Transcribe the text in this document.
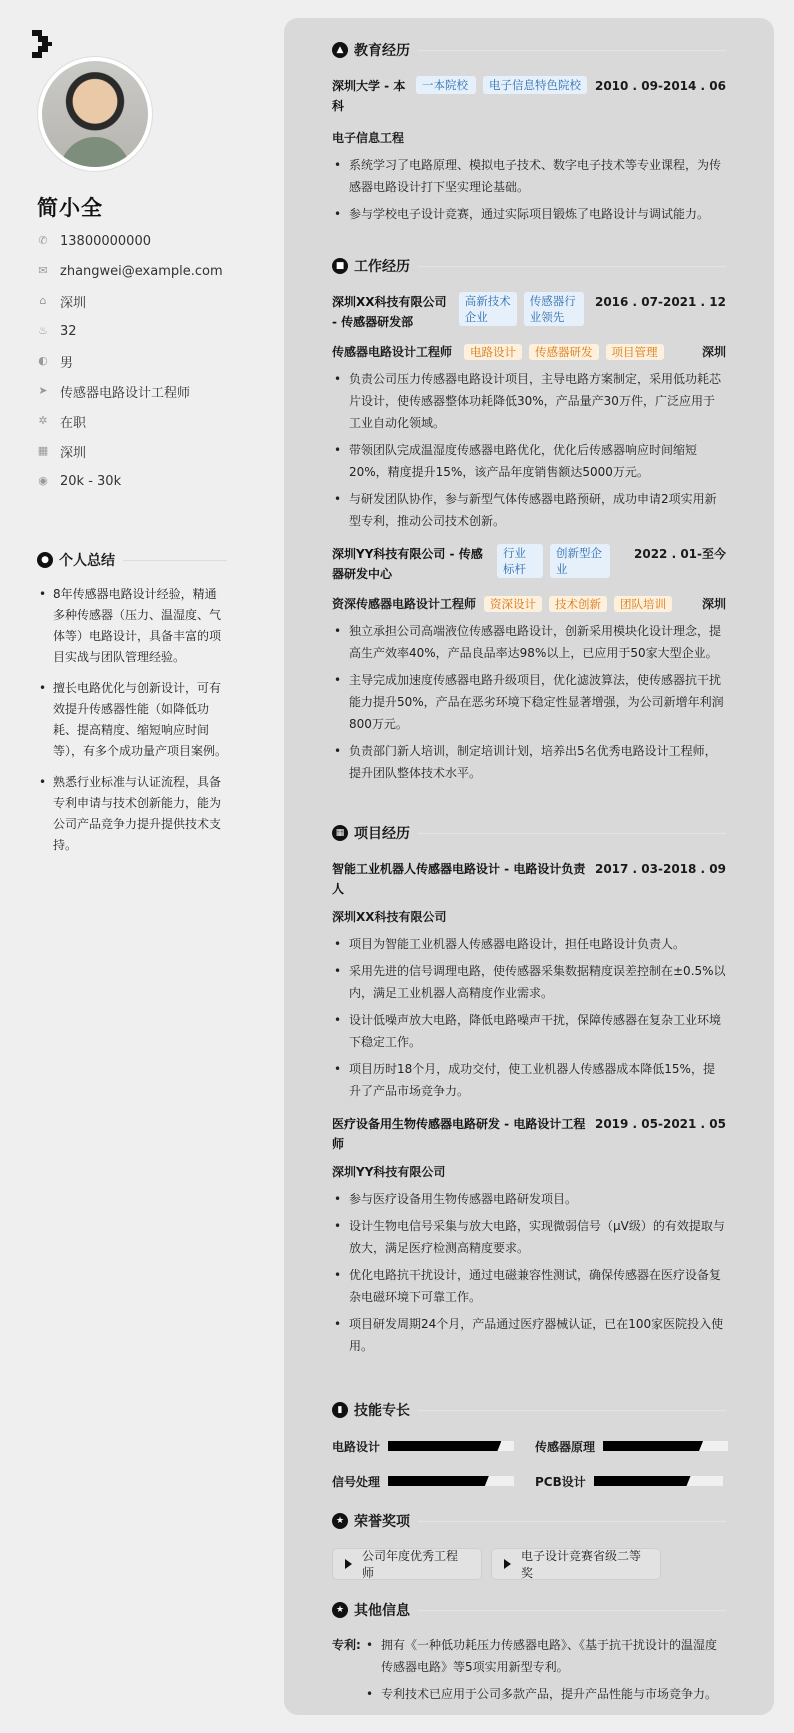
简小全
✆ 13800000000
✉ zhangwei@example.com
⌂ 深圳
♨ 32
◐ 男
➤ 传感器电路设计工程师
✲ 在职
▦ 深圳
◉ 20k - 30k
● 个人总结
• 8年传感器电路设计经验，精通多种传感器（压力、温湿度、气体等）电路设计，具备丰富的项目实战与团队管理经验。
• 擅长电路优化与创新设计，可有效提升传感器性能（如降低功耗、提高精度、缩短响应时间等），有多个成功量产项目案例。
• 熟悉行业标准与认证流程，具备专利申请与技术创新能力，能为公司产品竞争力提升提供技术支持。
▲ 教育经历
深圳大学 - 本科
一本院校	电子信息特色院校	2010 . 09-2014 . 06
电子信息工程
• 系统学习了电路原理、模拟电子技术、数字电子技术等专业课程，为传感器电路设计打下坚实理论基础。
• 参与学校电子设计竞赛，通过实际项目锻炼了电路设计与调试能力。
■ 工作经历
深圳XX科技有限公司 - 传感器研发部
高新技术企业
传感器行业领先
2016 . 07-2021 . 12
传感器电路设计工程师	电路设计	传感器研发	项目管理	深圳
• 负责公司压力传感器电路设计项目，主导电路方案制定，采用低功耗芯片设计，使传感器整体功耗降低30%，产品量产30万件，广泛应用于工业自动化领域。
• 带领团队完成温湿度传感器电路优化，优化后传感器响应时间缩短20%，精度提升15%，该产品年度销售额达5000万元。
• 与研发团队协作，参与新型气体传感器电路预研，成功申请2项实用新型专利，推动公司技术创新。
深圳YY科技有限公司 - 传感器研发中心
行业标杆
创新型企业
2022 . 01-至今
资深传感器电路设计工程师	资深设计	技术创新	团队培训	深圳
• 独立承担公司高端液位传感器电路设计，创新采用模块化设计理念，提高生产效率40%，产品良品率达98%以上，已应用于50家大型企业。
• 主导完成加速度传感器电路升级项目，优化滤波算法，使传感器抗干扰能力提升50%，产品在恶劣环境下稳定性显著增强，为公司新增年利润800万元。
• 负责部门新人培训，制定培训计划，培养出5名优秀电路设计工程师，提升团队整体技术水平。
▦ 项目经历
智能工业机器人传感器电路设计 - 电路设计负责人
2017 . 03-2018 . 09
深圳XX科技有限公司
• 项目为智能工业机器人传感器电路设计，担任电路设计负责人。
• 采用先进的信号调理电路，使传感器采集数据精度误差控制在±0.5%以内，满足工业机器人高精度作业需求。
• 设计低噪声放大电路，降低电路噪声干扰，保障传感器在复杂工业环境下稳定工作。
• 项目历时18个月，成功交付，使工业机器人传感器成本降低15%，提升了产品市场竞争力。
医疗设备用生物传感器电路研发 - 电路设计工程师
2019 . 05-2021 . 05
深圳YY科技有限公司
• 参与医疗设备用生物传感器电路研发项目。
• 设计生物电信号采集与放大电路，实现微弱信号（μV级）的有效提取与放大，满足医疗检测高精度要求。
• 优化电路抗干扰设计，通过电磁兼容性测试，确保传感器在医疗设备复杂电磁环境下可靠工作。
• 项目研发周期24个月，产品通过医疗器械认证，已在100家医院投入使用。
▮ 技能专长
电路设计	传感器原理
信号处理	PCB设计
★ 荣誉奖项
公司年度优秀工程师
电子设计竞赛省级二等奖
★ 其他信息
专利:
•	拥有《一种低功耗压力传感器电路》、《基于抗干扰设计的温湿度传感器电路》等5项实用新型专利。
• 专利技术已应用于公司多款产品，提升产品性能与市场竞争力。
